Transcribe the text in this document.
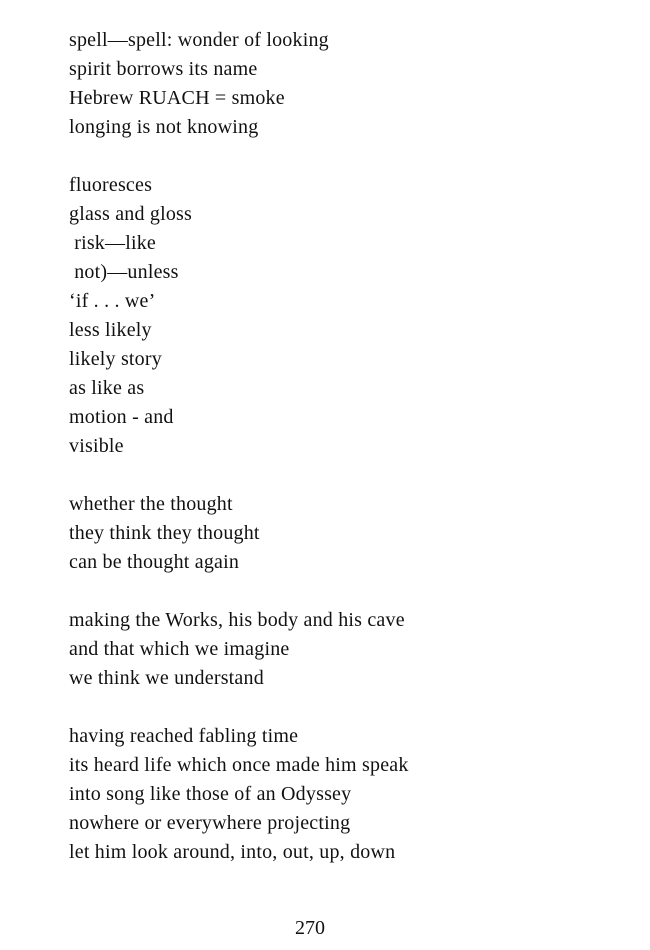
spell—spell: wonder of looking
spirit borrows its name
Hebrew RUACH = smoke
longing is not knowing
fluoresces
glass and gloss
risk—like
not)—unless
‘if . . . we’
less likely
likely story
as like as
motion - and
visible
whether the thought
they think they thought
can be thought again
making the Works, his body and his cave
and that which we imagine
we think we understand
having reached fabling time
its heard life which once made him speak
into song like those of an Odyssey
nowhere or everywhere projecting
let him look around, into, out, up, down
270
